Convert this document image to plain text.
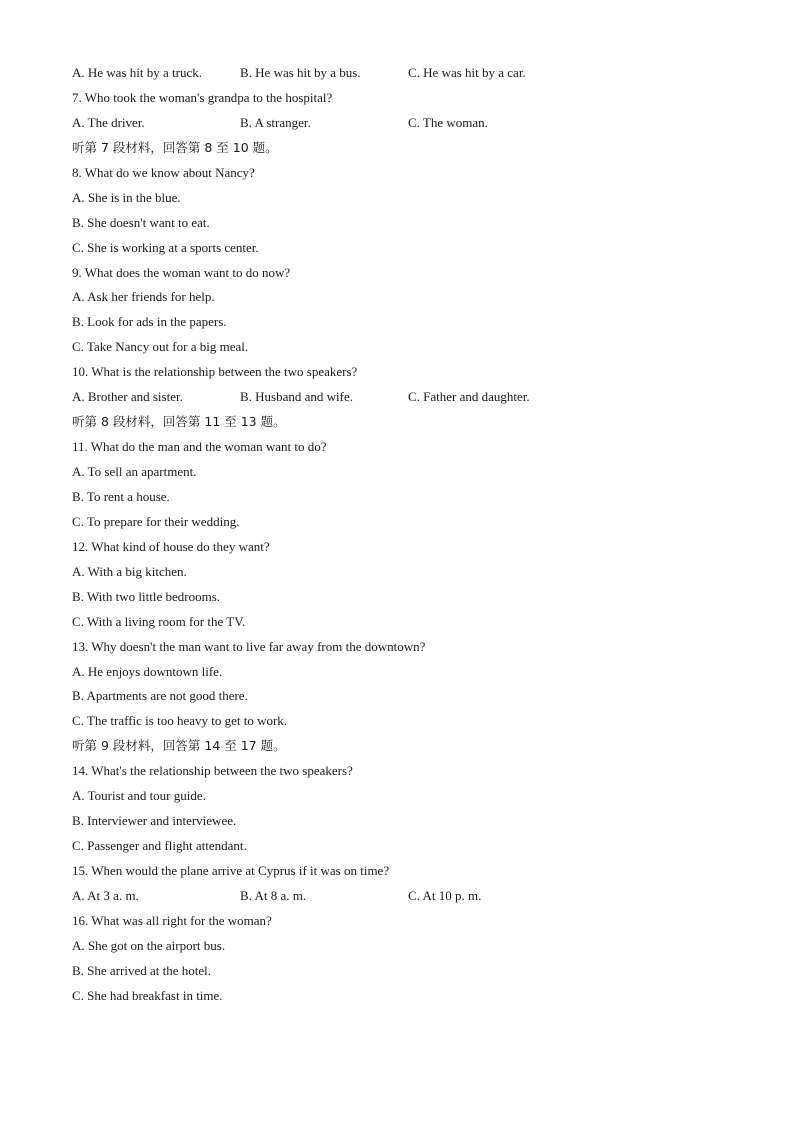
A. He was hit by a truck.	B. He was hit by a bus.	C. He was hit by a car.
7. Who took the woman's grandpa to the hospital?
A. The driver.	B. A stranger.	C. The woman.
听第 7 段材料，回答第 8 至 10 题。
8. What do we know about Nancy?
A. She is in the blue.
B. She doesn't want to eat.
C. She is working at a sports center.
9. What does the woman want to do now?
A. Ask her friends for help.
B. Look for ads in the papers.
C. Take Nancy out for a big meal.
10. What is the relationship between the two speakers?
A. Brother and sister.	B. Husband and wife.	C. Father and daughter.
听第 8 段材料，回答第 11 至 13 题。
11. What do the man and the woman want to do?
A. To sell an apartment.
B. To rent a house.
C. To prepare for their wedding.
12. What kind of house do they want?
A. With a big kitchen.
B. With two little bedrooms.
C. With a living room for the TV.
13. Why doesn't the man want to live far away from the downtown?
A. He enjoys downtown life.
B. Apartments are not good there.
C. The traffic is too heavy to get to work.
听第 9 段材料，回答第 14 至 17 题。
14. What's the relationship between the two speakers?
A. Tourist and tour guide.
B. Interviewer and interviewee.
C. Passenger and flight attendant.
15. When would the plane arrive at Cyprus if it was on time?
A. At 3 a. m.	B. At 8 a. m.	C. At 10 p. m.
16. What was all right for the woman?
A. She got on the airport bus.
B. She arrived at the hotel.
C. She had breakfast in time.
